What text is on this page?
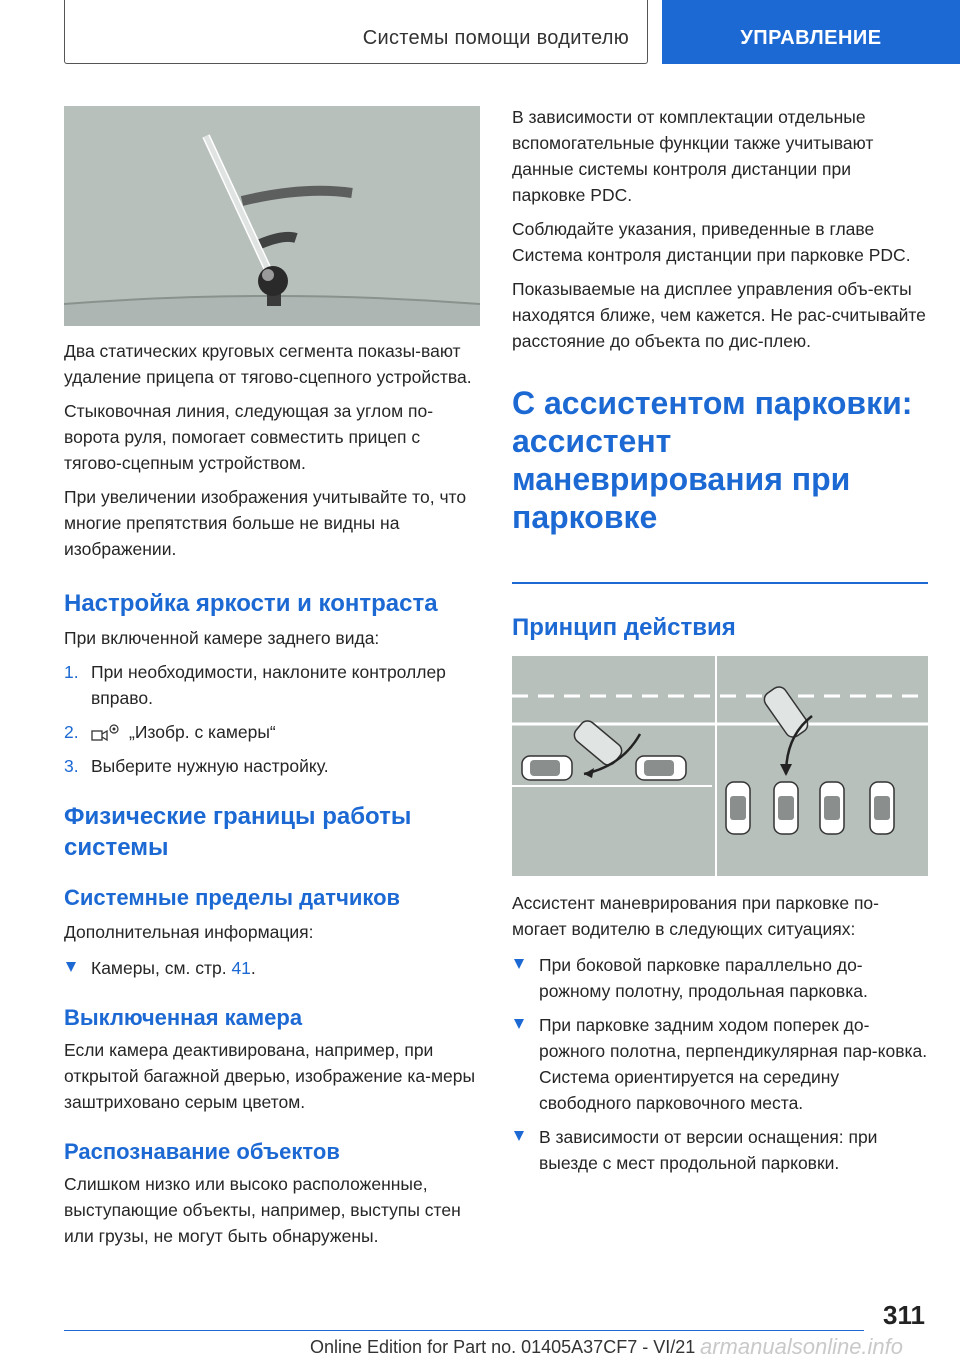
Системы помощи водителю	УПРАВЛЕНИЕ

Два статических круговых сегмента показы-вают удаление прицепа от тягово-сцепного устройства.

Стыковочная линия, следующая за углом по-ворота руля, помогает совместить прицеп с тягово-сцепным устройством.

При увеличении изображения учитывайте то, что многие препятствия больше не видны на изображении.

Настройка яркости и контраста

При включенной камере заднего вида:

1. При необходимости, наклоните контроллер вправо.
2.	„Изобр. с камеры“
3. Выберите нужную настройку.

Физические границы работы системы

Системные пределы датчиков

Дополнительная информация:

Камеры, см. стр. 41.

Выключенная камера

Если камера деактивирована, например, при открытой багажной дверью, изображение ка-меры заштриховано серым цветом.

Распознавание объектов

Слишком низко или высоко расположенные, выступающие объекты, например, выступы стен или грузы, не могут быть обнаружены.

В зависимости от комплектации отдельные вспомогательные функции также учитывают данные системы контроля дистанции при парковке PDC.

Соблюдайте указания, приведенные в главе Система контроля дистанции при парковке PDC.

Показываемые на дисплее управления объ-екты находятся ближе, чем кажется. Не рас-считывайте расстояние до объекта по дис-плею.

С ассистентом парковки: ассистент маневрирования при парковке

Принцип действия

Ассистент маневрирования при парковке по-могает водителю в следующих ситуациях:

При боковой парковке параллельно до-рожному полотну, продольная парковка.
При парковке задним ходом поперек до-рожного полотна, перпендикулярная пар-ковка. Система ориентируется на середину свободного парковочного места.
В зависимости от версии оснащения: при выезде с мест продольной парковки.
311
Online Edition for Part no. 01405A37CF7 - VI/21 armanualsonline.info
